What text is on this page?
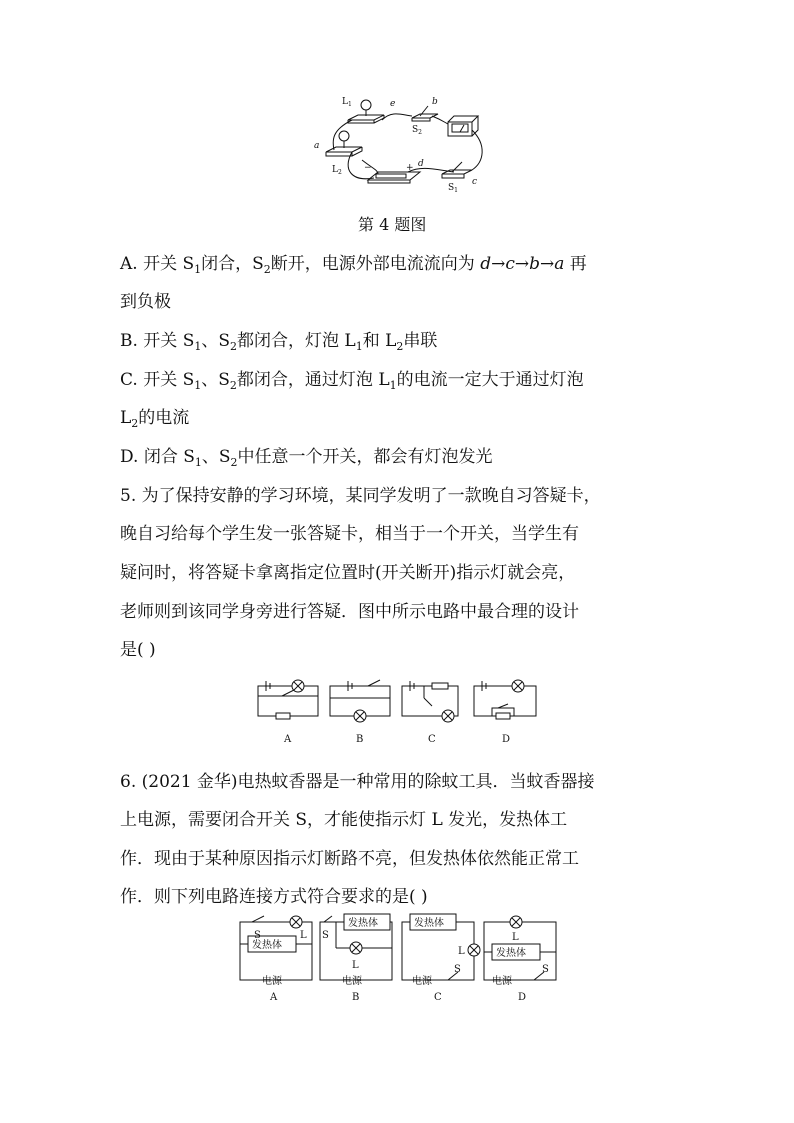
$L_1$	e	b
$S_2$
a
$L_2$ −	+ d
$S_1$
c
第 4 题图
A. 开关 $S_1$闭合，$S_2$断开，电源外部电流流向为 d→c→b→a 再
到负极
B. 开关 $S_1$、$S_2$都闭合，灯泡 $L_1$和 $L_2$串联
C. 开关 $S_1$、$S_2$都闭合，通过灯泡 $L_1$的电流一定大于通过灯泡
$L_2$的电流
D. 闭合 $S_1$、$S_2$中任意一个开关，都会有灯泡发光
5. 为了保持安静的学习环境，某同学发明了一款晚自习答疑卡，
晚自习给每个学生发一张答疑卡，相当于一个开关，当学生有
疑问时，将答疑卡拿离指定位置时(开关断开)指示灯就会亮，
老师则到该同学身旁进行答疑．图中所示电路中最合理的设计
是( )
A	B	C	D
6. (2021 金华)电热蚊香器是一种常用的除蚊工具．当蚊香器接
上电源，需要闭合开关 S，才能使指示灯 L 发光，发热体工
作．现由于某种原因指示灯断路不亮，但发热体依然能正常工
作．则下列电路连接方式符合要求的是( )
发热体
S	L
电源
A
S
发热体
L
电源
B
发热体
L
S
电源
C
L
发热体
S
电源
D
